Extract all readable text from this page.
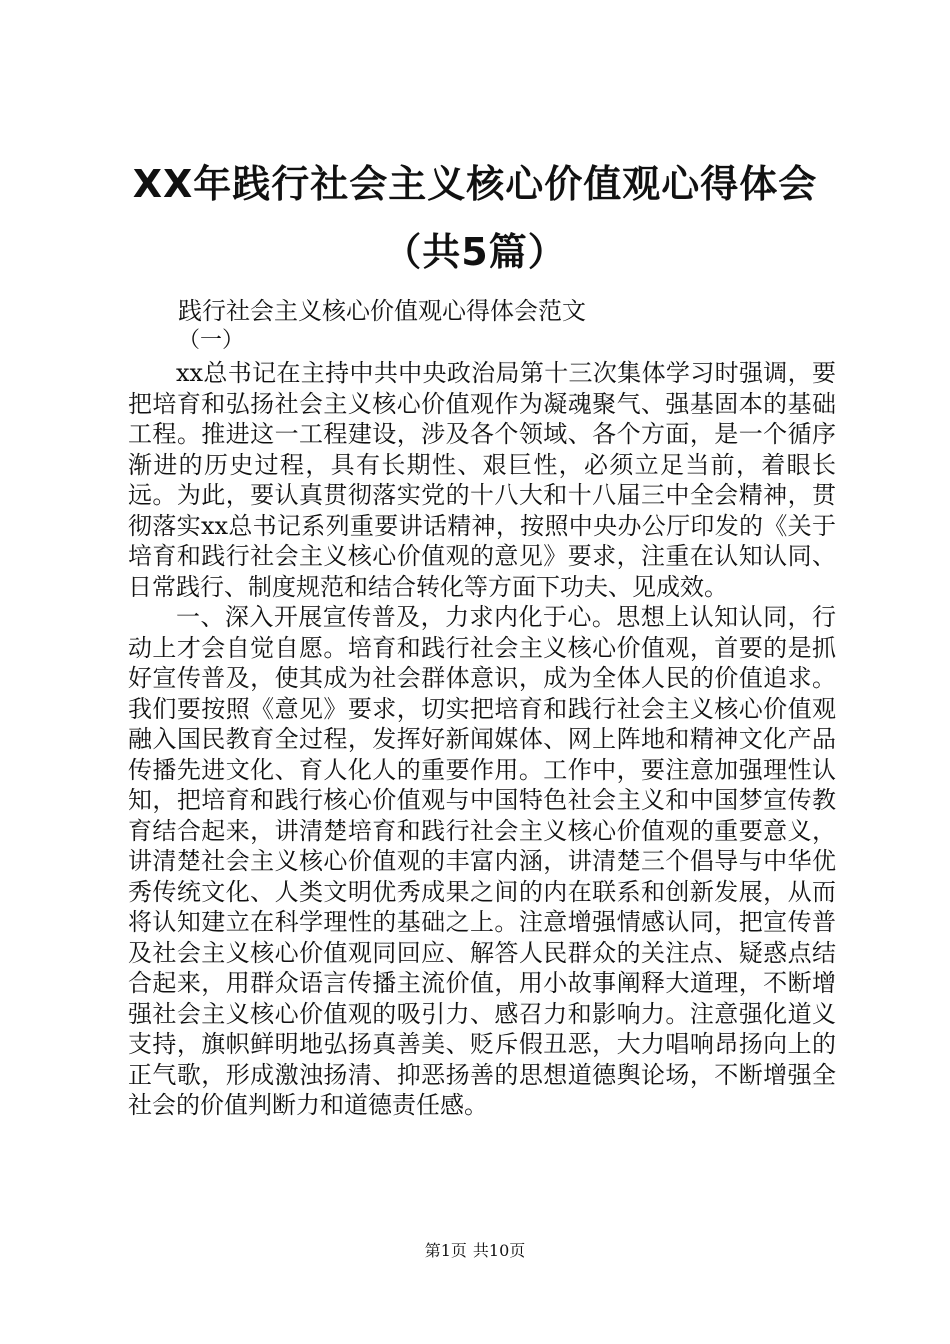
XX年践行社会主义核心价值观心得体会（共5篇）
践行社会主义核心价值观心得体会范文
（一）

xx总书记在主持中共中央政治局第十三次集体学习时强调，要把培育和弘扬社会主义核心价值观作为凝魂聚气、强基固本的基础工程。推进这一工程建设，涉及各个领域、各个方面，是一个循序渐进的历史过程，具有长期性、艰巨性，必须立足当前，着眼长远。为此，要认真贯彻落实党的十八大和十八届三中全会精神，贯彻落实xx总书记系列重要讲话精神，按照中央办公厅印发的《关于培育和践行社会主义核心价值观的意见》要求，注重在认知认同、日常践行、制度规范和结合转化等方面下功夫、见成效。

一、深入开展宣传普及，力求内化于心。思想上认知认同，行动上才会自觉自愿。培育和践行社会主义核心价值观，首要的是抓好宣传普及，使其成为社会群体意识，成为全体人民的价值追求。我们要按照《意见》要求，切实把培育和践行社会主义核心价值观融入国民教育全过程，发挥好新闻媒体、网上阵地和精神文化产品传播先进文化、育人化人的重要作用。工作中，要注意加强理性认知，把培育和践行核心价值观与中国特色社会主义和中国梦宣传教育结合起来，讲清楚培育和践行社会主义核心价值观的重要意义，讲清楚社会主义核心价值观的丰富内涵，讲清楚三个倡导与中华优秀传统文化、人类文明优秀成果之间的内在联系和创新发展，从而将认知建立在科学理性的基础之上。注意增强情感认同，把宣传普及社会主义核心价值观同回应、解答人民群众的关注点、疑惑点结合起来，用群众语言传播主流价值，用小故事阐释大道理，不断增强社会主义核心价值观的吸引力、感召力和影响力。注意强化道义支持，旗帜鲜明地弘扬真善美、贬斥假丑恶，大力唱响昂扬向上的正气歌，形成激浊扬清、抑恶扬善的思想道德舆论场，不断增强全社会的价值判断力和道德责任感。

第1页 共10页
